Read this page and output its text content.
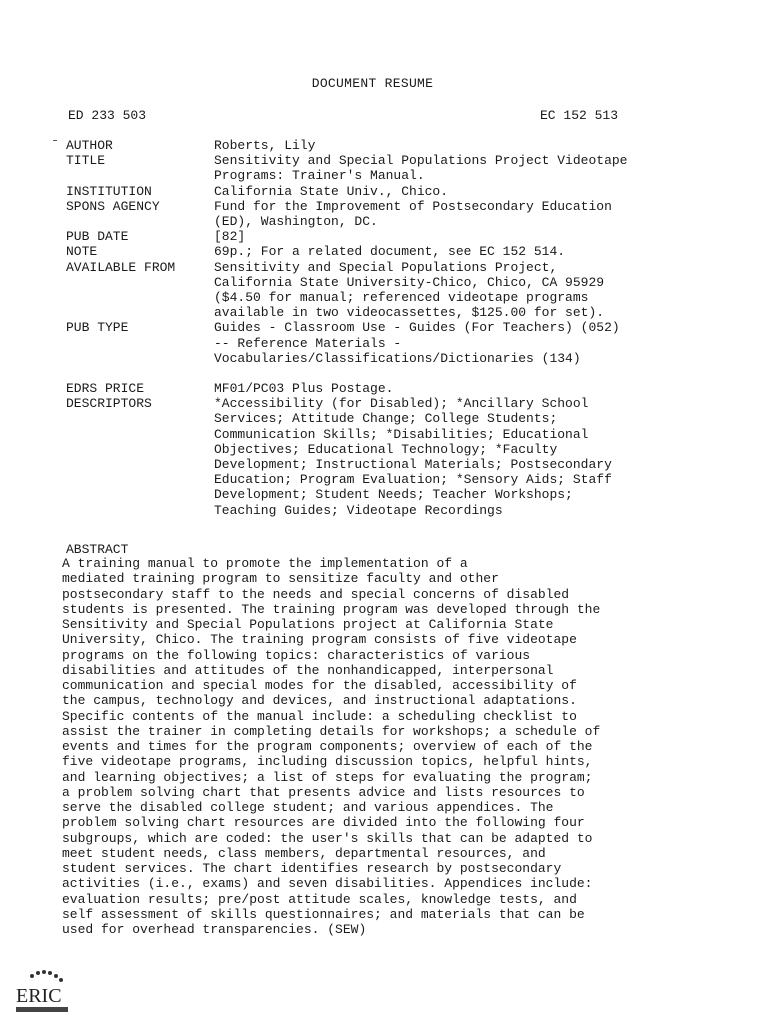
DOCUMENT RESUME
ED 233 503	EC 152 513
AUTHOR	Roberts, Lily
TITLE	Sensitivity and Special Populations Project Videotape
Programs: Trainer's Manual.
INSTITUTION	California State Univ., Chico.
SPONS AGENCY	Fund for the Improvement of Postsecondary Education
(ED), Washington, DC.
PUB DATE	[82]
NOTE	69p.; For a related document, see EC 152 514.
AVAILABLE FROM	Sensitivity and Special Populations Project,
California State University-Chico, Chico, CA 95929
($4.50 for manual; referenced videotape programs
available in two videocassettes, $125.00 for set).
PUB TYPE	Guides - Classroom Use - Guides (For Teachers) (052)
-- Reference Materials -
Vocabularies/Classifications/Dictionaries (134)
EDRS PRICE	MF01/PC03 Plus Postage.
DESCRIPTORS	*Accessibility (for Disabled); *Ancillary School
Services; Attitude Change; College Students;
Communication Skills; *Disabilities; Educational
Objectives; Educational Technology; *Faculty
Development; Instructional Materials; Postsecondary
Education; Program Evaluation; *Sensory Aids; Staff
Development; Student Needs; Teacher Workshops;
Teaching Guides; Videotape Recordings
ABSTRACT
A training manual to promote the implementation of a
mediated training program to sensitize faculty and other
postsecondary staff to the needs and special concerns of disabled
students is presented. The training program was developed through the
Sensitivity and Special Populations project at California State
University, Chico. The training program consists of five videotape
programs on the following topics: characteristics of various
disabilities and attitudes of the nonhandicapped, interpersonal
communication and special modes for the disabled, accessibility of
the campus, technology and devices, and instructional adaptations.
Specific contents of the manual include: a scheduling checklist to
assist the trainer in completing details for workshops; a schedule of
events and times for the program components; overview of each of the
five videotape programs, including discussion topics, helpful hints,
and learning objectives; a list of steps for evaluating the program;
a problem solving chart that presents advice and lists resources to
serve the disabled college student; and various appendices. The
problem solving chart resources are divided into the following four
subgroups, which are coded: the user's skills that can be adapted to
meet student needs, class members, departmental resources, and
student services. The chart identifies research by postsecondary
activities (i.e., exams) and seven disabilities. Appendices include:
evaluation results; pre/post attitude scales, knowledge tests, and
self assessment of skills questionnaires; and materials that can be
used for overhead transparencies. (SEW)
ERIC
